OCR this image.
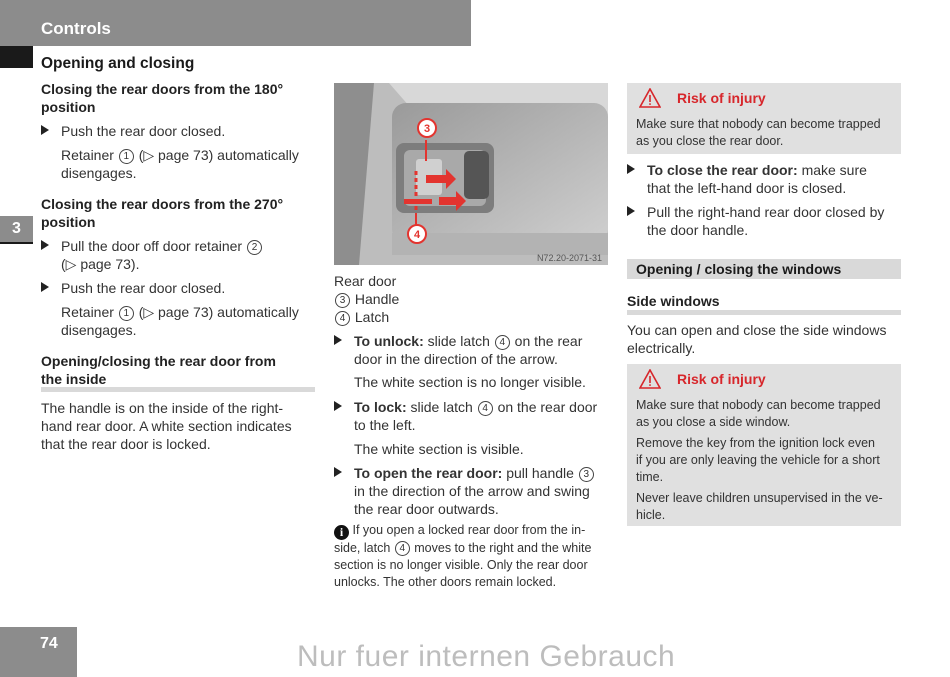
Controls
3
74	Nur fuer internen Gebrauch
Opening and closing
Closing the rear doors from the 180°
position
Push the rear door closed.
Retainer 1 (▷ page 73) automatically
disengages.
Closing the rear doors from the 270°
position
Pull the door off door retainer 2
(▷ page 73).
Push the rear door closed.
Retainer 1 (▷ page 73) automatically
disengages.
Opening/closing the rear door from
the inside
The handle is on the inside of the right-
hand rear door. A white section indicates
that the rear door is locked.
3
4
N72.20-2071-31
Rear door
3 Handle
4 Latch
To unlock: slide latch 4 on the rear
door in the direction of the arrow.
The white section is no longer visible.
To lock: slide latch 4 on the rear door
to the left.
The white section is visible.
To open the rear door: pull handle 3
in the direction of the arrow and swing
the rear door outwards.
i If you open a locked rear door from the in-
side, latch 4 moves to the right and the white
section is no longer visible. Only the rear door
unlocks. The other doors remain locked.
Risk of injury
Make sure that nobody can become trapped
as you close the rear door.
To close the rear door: make sure
that the left-hand door is closed.
Pull the right-hand rear door closed by
the door handle.
Opening / closing the windows
Side windows
You can open and close the side windows
electrically.
Risk of injury
Make sure that nobody can become trapped
as you close a side window.
Remove the key from the ignition lock even
if you are only leaving the vehicle for a short
time.
Never leave children unsupervised in the ve-
hicle.
